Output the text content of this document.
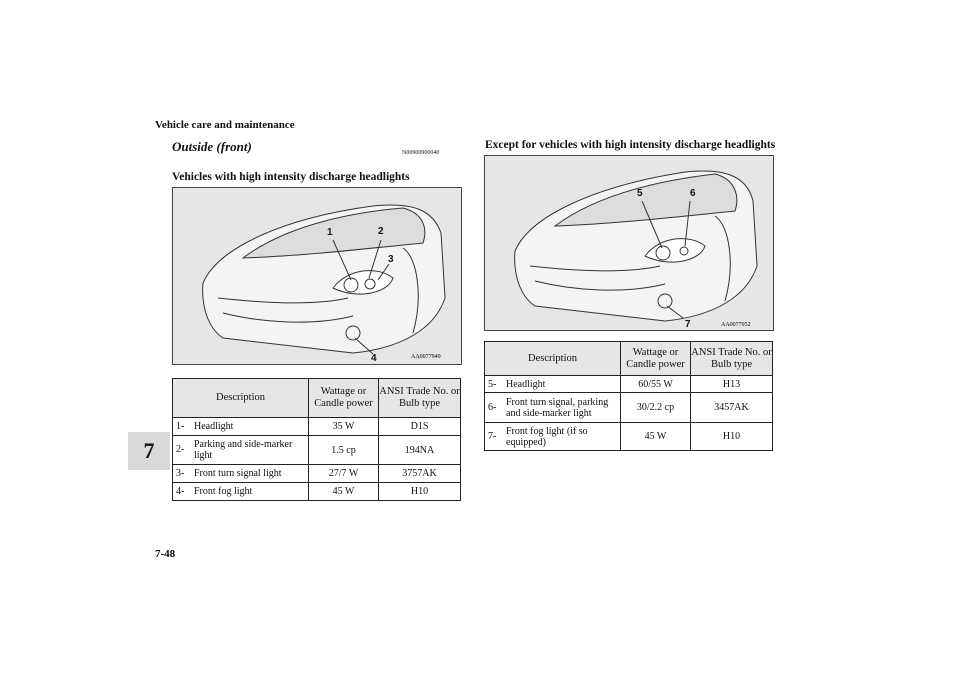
Vehicle care and maintenance
7
Outside (front)	N00900900040
Vehicles with high intensity discharge headlights
1	2
3
4	AA0077949
Description	Wattage or Candle power	ANSI Trade No. or Bulb type
1- Headlight	35 W	D1S
2- Parking and side-marker light	1.5 cp	194NA
3- Front turn signal light	27/7 W	3757AK
4- Front fog light	45 W	H10
Except for vehicles with high intensity discharge headlights
5	6
7	AA0077952
Description	Wattage or Candle power	ANSI Trade No. or Bulb type
5- Headlight	60/55 W	H13
6- Front turn signal, parking and side-marker light	30/2.2 cp	3457AK
7- Front fog light (if so equipped)	45 W	H10
7-48
